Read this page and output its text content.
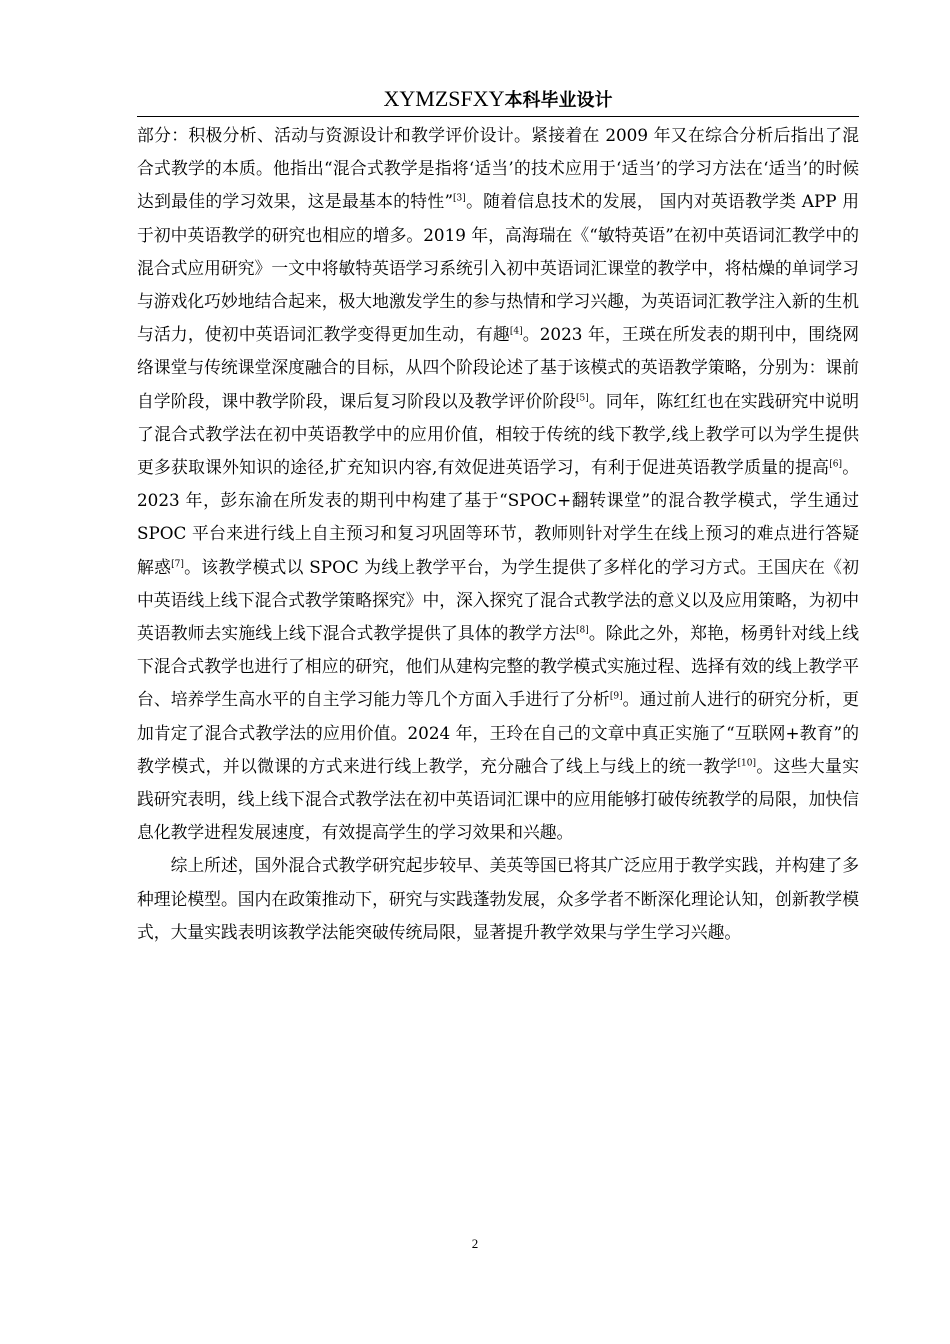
XYMZSFXY本科毕业设计

部分：积极分析、活动与资源设计和教学评价设计。紧接着在 2009 年又在综合分析后指出了混合式教学的本质。他指出“混合式教学是指将‘适当’的技术应用于‘适当’的学习方法在‘适当’的时候达到最佳的学习效果，这是最基本的特性”[3]。随着信息技术的发展， 国内对英语教学类 APP 用于初中英语教学的研究也相应的增多。2019 年，高海瑞在《“敏特英语”在初中英语词汇教学中的混合式应用研究》一文中将敏特英语学习系统引入初中英语词汇课堂的教学中，将枯燥的单词学习与游戏化巧妙地结合起来，极大地激发学生的参与热情和学习兴趣，为英语词汇教学注入新的生机与活力，使初中英语词汇教学变得更加生动，有趣[4]。2023 年，王瑛在所发表的期刊中，围绕网络课堂与传统课堂深度融合的目标，从四个阶段论述了基于该模式的英语教学策略，分别为：课前自学阶段，课中教学阶段，课后复习阶段以及教学评价阶段[5]。同年，陈红红也在实践研究中说明了混合式教学法在初中英语教学中的应用价值，相较于传统的线下教学,线上教学可以为学生提供更多获取课外知识的途径,扩充知识内容,有效促进英语学习，有利于促进英语教学质量的提高[6]。2023 年，彭东渝在所发表的期刊中构建了基于“SPOC+翻转课堂”的混合教学模式，学生通过 SPOC 平台来进行线上自主预习和复习巩固等环节，教师则针对学生在线上预习的难点进行答疑解惑[7]。该教学模式以 SPOC 为线上教学平台，为学生提供了多样化的学习方式。王国庆在《初中英语线上线下混合式教学策略探究》中，深入探究了混合式教学法的意义以及应用策略，为初中英语教师去实施线上线下混合式教学提供了具体的教学方法[8]。除此之外，郑艳，杨勇针对线上线下混合式教学也进行了相应的研究，他们从建构完整的教学模式实施过程、选择有效的线上教学平台、培养学生高水平的自主学习能力等几个方面入手进行了分析[9]。通过前人进行的研究分析，更加肯定了混合式教学法的应用价值。2024 年，王玲在自己的文章中真正实施了“互联网+教育”的教学模式，并以微课的方式来进行线上教学，充分融合了线上与线上的统一教学[10]。这些大量实践研究表明，线上线下混合式教学法在初中英语词汇课中的应用能够打破传统教学的局限，加快信息化教学进程发展速度，有效提高学生的学习效果和兴趣。

综上所述，国外混合式教学研究起步较早、美英等国已将其广泛应用于教学实践，并构建了多种理论模型。国内在政策推动下，研究与实践蓬勃发展，众多学者不断深化理论认知，创新教学模式，大量实践表明该教学法能突破传统局限，显著提升教学效果与学生学习兴趣。

2
